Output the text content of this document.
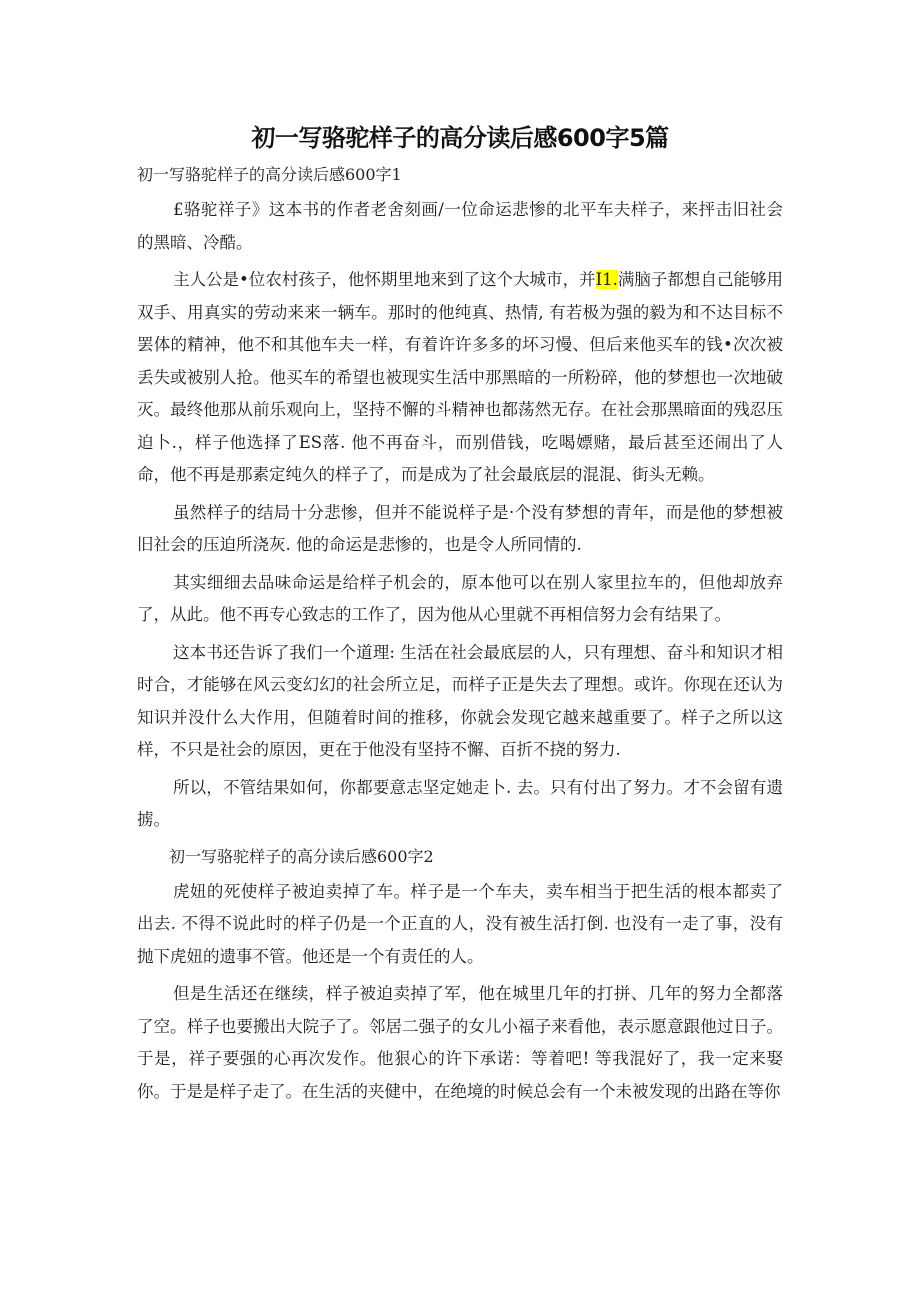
初一写骆驼样子的高分读后感600字5篇
初一写骆驼样子的高分读后感600字1

£骆驼祥子》这本书的作者老舍刻画/一位命运悲惨的北平车夫样子，来抨击旧社会的黑暗、冷酷。

主人公是•位农村孩子，他怀期里地来到了这个大城市，并I1.满脑子都想自己能够用双手、用真实的劳动来来一辆车。那时的他纯真、热情, 有若极为强的毅为和不达目标不罢体的精神，他不和其他车夫一样，有着许许多多的坏习慢、但后来他买车的钱•次次被丢失或被别人抢。他买车的希望也被现实生活中那黑暗的一所粉碎，他的梦想也一次地破灭。最终他那从前乐观向上，坚持不懈的斗精神也都荡然无存。在社会那黑暗面的残忍压迫卜.，样子他选择了ES落. 他不再奋斗，而别借钱，吃喝嫖赌，最后甚至还闹出了人命，他不再是那素定纯久的样子了，而是成为了社会最底层的混混、街头无赖。

虽然样子的结局十分悲惨，但并不能说样子是·个没有梦想的青年，而是他的梦想被旧社会的压迫所浇灰. 他的命运是悲惨的，也是令人所同情的.

其实细细去品味命运是给样子机会的，原本他可以在别人家里拉车的，但他却放弃了，从此。他不再专心致志的工作了，因为他从心里就不再相信努力会有结果了。

这本书还告诉了我们一个道理: 生活在社会最底层的人，只有理想、奋斗和知识才相时合，才能够在风云变幻幻的社会所立足，而样子正是失去了理想。或许。你现在还认为知识并没什么大作用，但随着时间的推移，你就会发现它越来越重要了。样子之所以这样，不只是社会的原因，更在于他没有坚持不懈、百折不挠的努力.

所以，不管结果如何，你都要意志坚定她走卜. 去。只有付出了努力。才不会留有遗掳。

初一写骆驼样子的高分读后感600字2

虎妞的死使样子被迫卖掉了车。样子是一个车夫，卖车相当于把生活的根本都卖了出去. 不得不说此时的样子仍是一个正直的人，没有被生活打倒. 也没有一走了事，没有抛下虎妞的遗事不管。他还是一个有责任的人。

但是生活还在继续，样子被迫卖掉了军，他在城里几年的打拼、几年的努力全都落了空。样子也要搬出大院子了。邻居二强子的女儿小福子来看他，表示愿意跟他过日子。于是，祥子要强的心再次发作。他狠心的许下承诺：等着吧! 等我混好了，我一定来娶你。于是是样子走了。在生活的夹健中，在绝境的时候总会有一个未被发现的出路在等你
